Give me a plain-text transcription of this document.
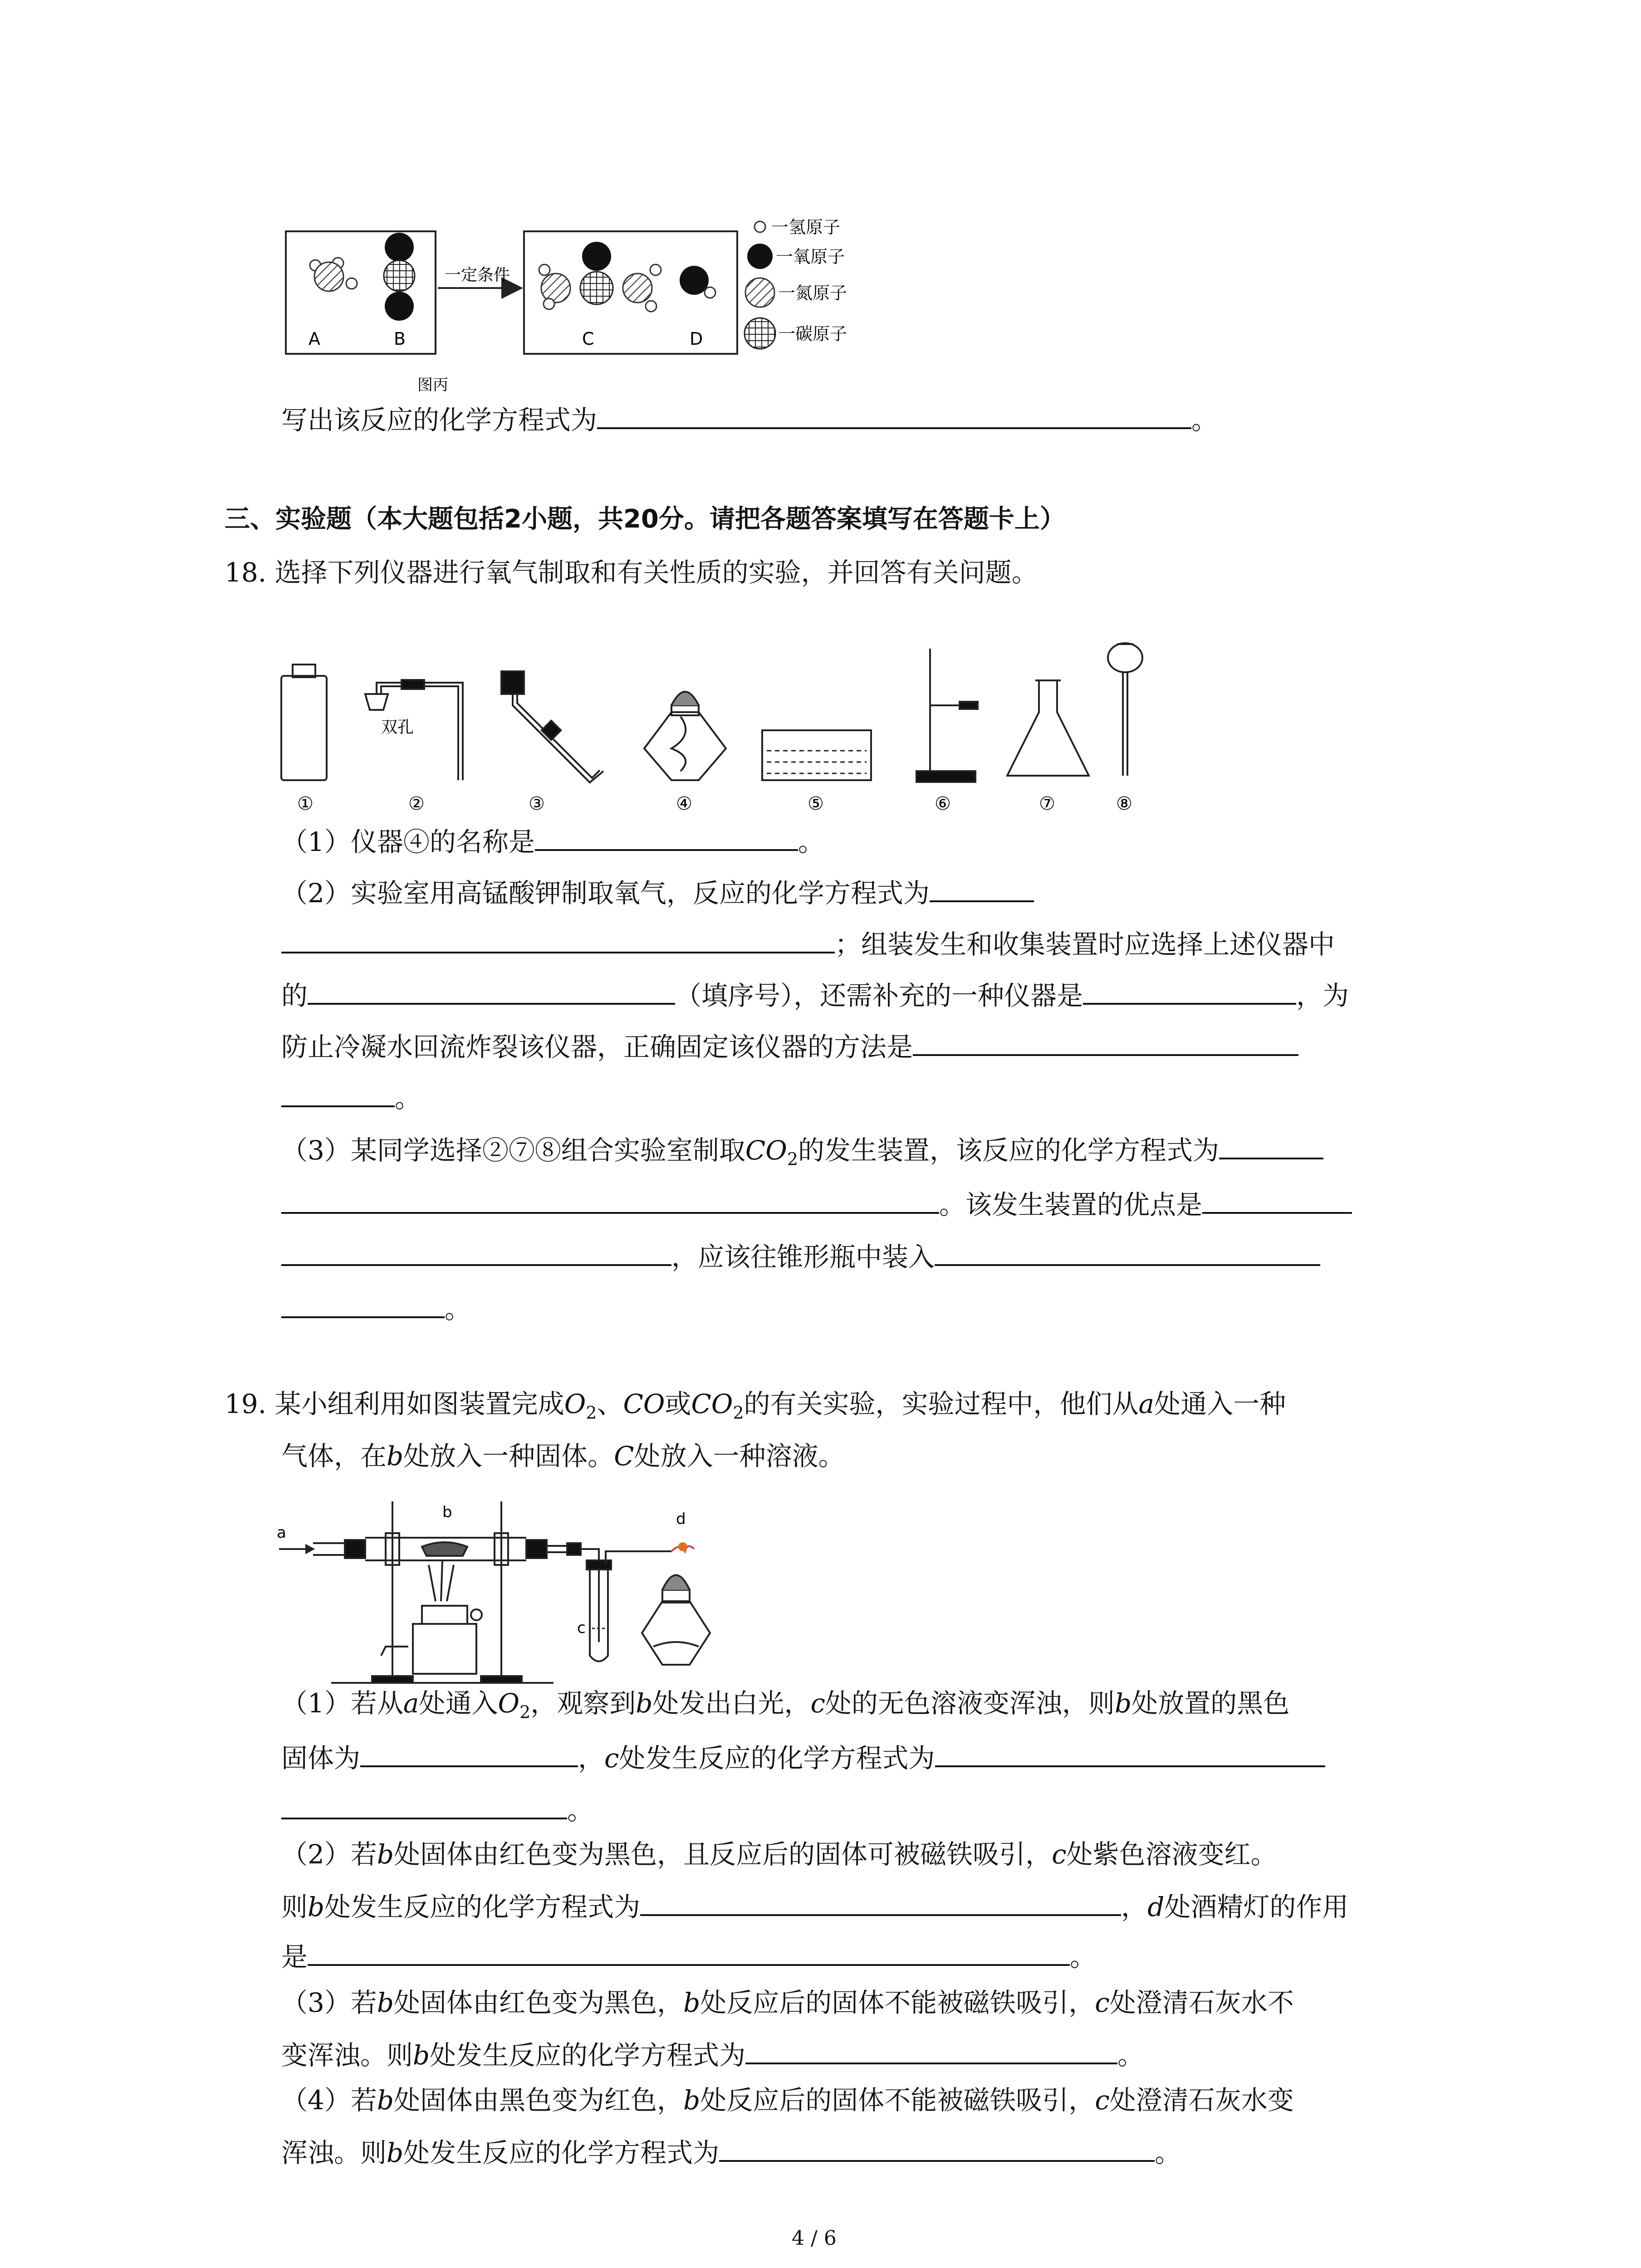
A	B
一定条件
C	D
一氢原子
一氧原子
一氮原子
一碳原子
图丙
写出该反应的化学方程式为	。
三、实验题（本大题包括2小题，共20分。请把各题答案填写在答题卡上）
18. 选择下列仪器进行氧气制取和有关性质的实验，并回答有关问题。
双孔
①	②	③	④	⑤	⑥	⑦	⑧
（1）仪器④的名称是	。
（2）实验室用高锰酸钾制取氧气，反应的化学方程式为
；组装发生和收集装置时应选择上述仪器中
的	（填序号），还需补充的一种仪器是	，为
防止冷凝水回流炸裂该仪器，正确固定该仪器的方法是
。
（3）某同学选择②⑦⑧组合实验室制取$CO_2$的发生装置，该反应的化学方程式为
。该发生装置的优点是
，应该往锥形瓶中装入
。
19. 某小组利用如图装置完成$O_2$、CO或$CO_2$的有关实验，实验过程中，他们从a处通入一种
气体，在b处放入一种固体。C处放入一种溶液。
a
b
c
d
（1）若从a处通入$O_2$，观察到b处发出白光，c处的无色溶液变浑浊，则b处放置的黑色
固体为	，c处发生反应的化学方程式为
。
（2）若b处固体由红色变为黑色，且反应后的固体可被磁铁吸引，c处紫色溶液变红。
则b处发生反应的化学方程式为	，d处酒精灯的作用
是	。
（3）若b处固体由红色变为黑色，b处反应后的固体不能被磁铁吸引，c处澄清石灰水不
变浑浊。则b处发生反应的化学方程式为	。
（4）若b处固体由黑色变为红色，b处反应后的固体不能被磁铁吸引，c处澄清石灰水变
浑浊。则b处发生反应的化学方程式为	。
4 / 6
